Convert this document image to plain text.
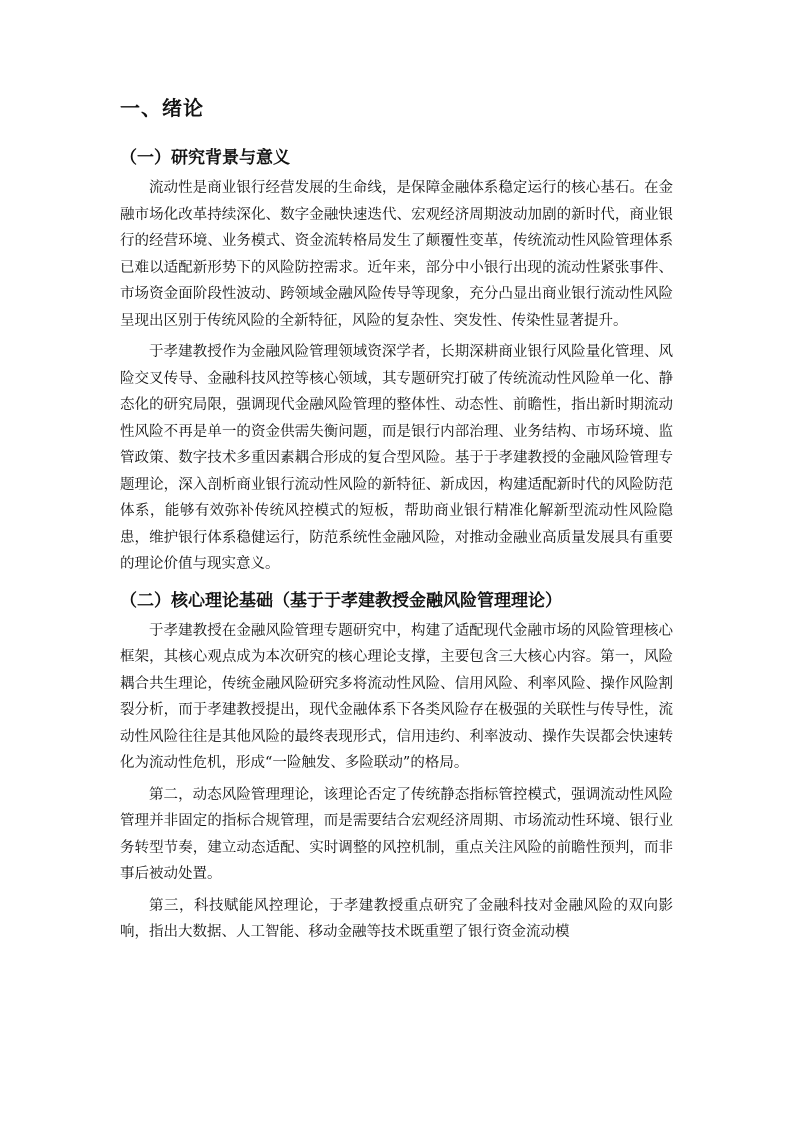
一、绪论
（一）研究背景与意义

流动性是商业银行经营发展的生命线，是保障金融体系稳定运行的核心基石。在金融市场化改革持续深化、数字金融快速迭代、宏观经济周期波动加剧的新时代，商业银行的经营环境、业务模式、资金流转格局发生了颠覆性变革，传统流动性风险管理体系已难以适配新形势下的风险防控需求。近年来，部分中小银行出现的流动性紧张事件、市场资金面阶段性波动、跨领域金融风险传导等现象，充分凸显出商业银行流动性风险呈现出区别于传统风险的全新特征，风险的复杂性、突发性、传染性显著提升。

于孝建教授作为金融风险管理领域资深学者，长期深耕商业银行风险量化管理、风险交叉传导、金融科技风控等核心领域，其专题研究打破了传统流动性风险单一化、静态化的研究局限，强调现代金融风险管理的整体性、动态性、前瞻性，指出新时期流动性风险不再是单一的资金供需失衡问题，而是银行内部治理、业务结构、市场环境、监管政策、数字技术多重因素耦合形成的复合型风险。基于于孝建教授的金融风险管理专题理论，深入剖析商业银行流动性风险的新特征、新成因，构建适配新时代的风险防范体系，能够有效弥补传统风控模式的短板，帮助商业银行精准化解新型流动性风险隐患，维护银行体系稳健运行，防范系统性金融风险，对推动金融业高质量发展具有重要的理论价值与现实意义。

（二）核心理论基础（基于于孝建教授金融风险管理理论）

于孝建教授在金融风险管理专题研究中，构建了适配现代金融市场的风险管理核心框架，其核心观点成为本次研究的核心理论支撑，主要包含三大核心内容。第一，风险耦合共生理论，传统金融风险研究多将流动性风险、信用风险、利率风险、操作风险割裂分析，而于孝建教授提出，现代金融体系下各类风险存在极强的关联性与传导性，流动性风险往往是其他风险的最终表现形式，信用违约、利率波动、操作失误都会快速转化为流动性危机，形成“一险触发、多险联动”的格局。

第二，动态风险管理理论，该理论否定了传统静态指标管控模式，强调流动性风险管理并非固定的指标合规管理，而是需要结合宏观经济周期、市场流动性环境、银行业务转型节奏，建立动态适配、实时调整的风控机制，重点关注风险的前瞻性预判，而非事后被动处置。

第三，科技赋能风控理论，于孝建教授重点研究了金融科技对金融风险的双向影响，指出大数据、人工智能、移动金融等技术既重塑了银行资金流动模
